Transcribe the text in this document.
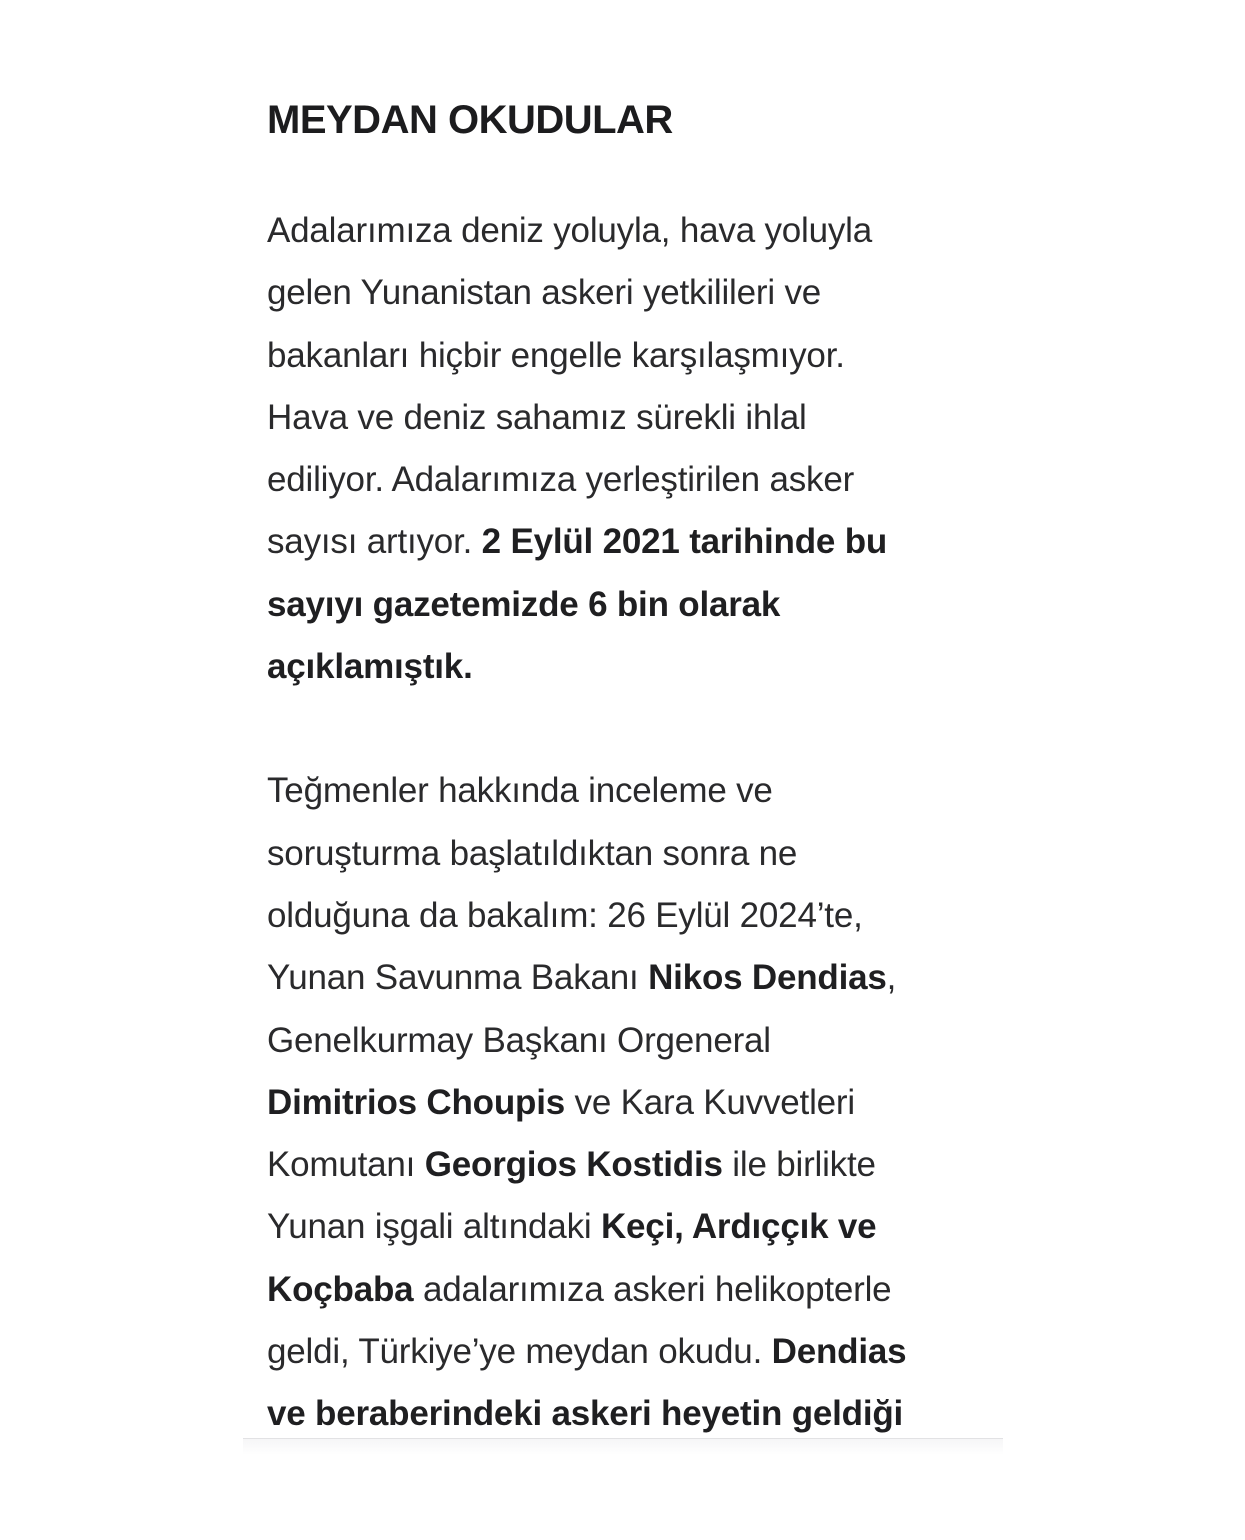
MEYDAN OKUDULAR

Adalarımıza deniz yoluyla, hava yoluyla
gelen Yunanistan askeri yetkilileri ve
bakanları hiçbir engelle karşılaşmıyor.
Hava ve deniz sahamız sürekli ihlal
ediliyor. Adalarımıza yerleştirilen asker
sayısı artıyor. 2 Eylül 2021 tarihinde bu
sayıyı gazetemizde 6 bin olarak
açıklamıştık.

Teğmenler hakkında inceleme ve
soruşturma başlatıldıktan sonra ne
olduğuna da bakalım: 26 Eylül 2024’te,
Yunan Savunma Bakanı Nikos Dendias,
Genelkurmay Başkanı Orgeneral
Dimitrios Choupis ve Kara Kuvvetleri
Komutanı Georgios Kostidis ile birlikte
Yunan işgali altındaki Keçi, Ardıççık ve
Koçbaba adalarımıza askeri helikopterle
geldi, Türkiye’ye meydan okudu. Dendias
ve beraberindeki askeri heyetin geldiği
